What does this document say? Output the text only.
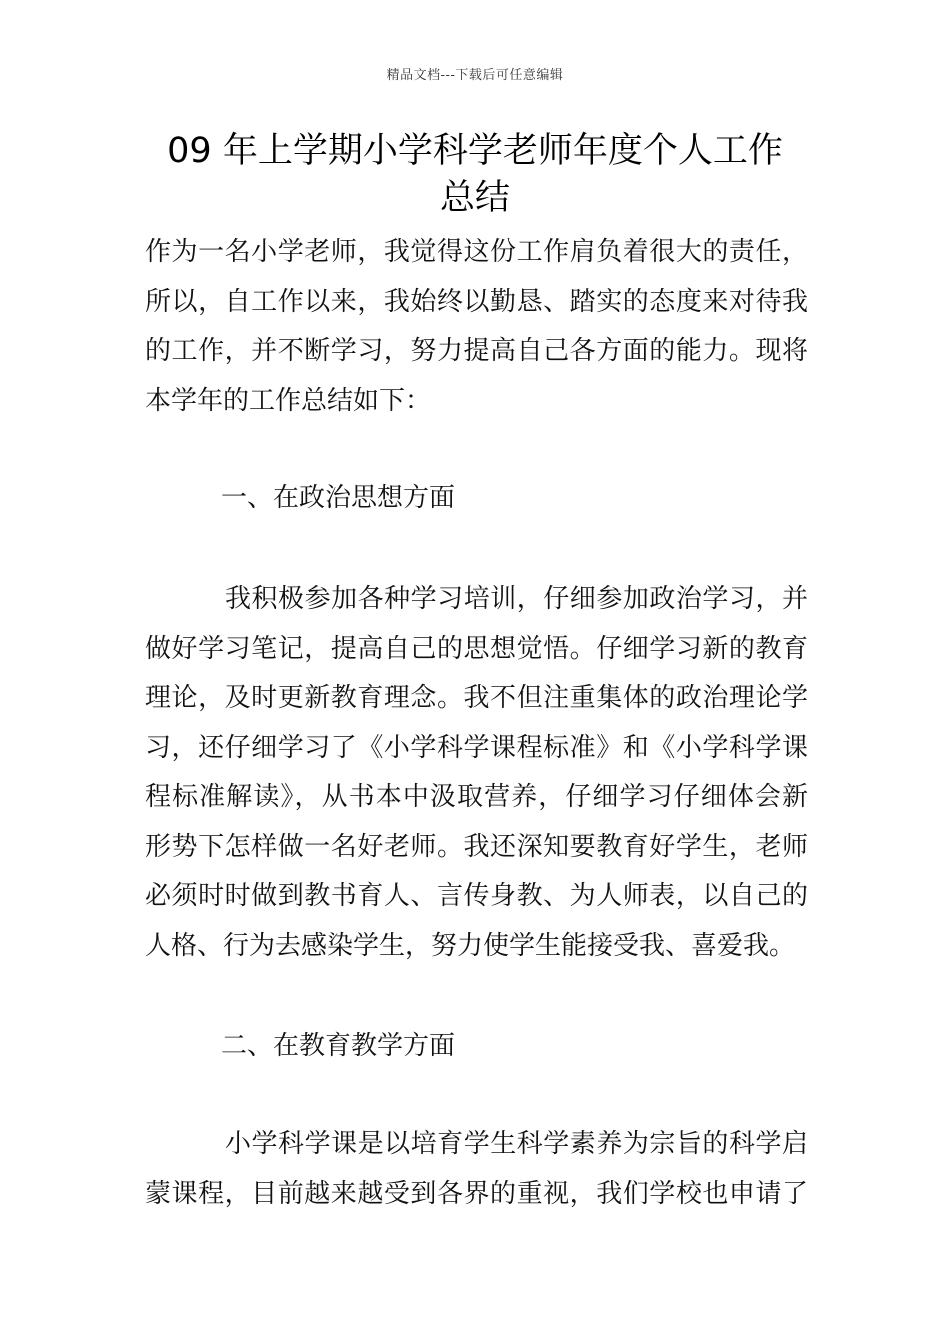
精品文档---下载后可任意编辑
09 年上学期小学科学老师年度个人工作
总结
作为一名小学老师，我觉得这份工作肩负着很大的责任，
所以，自工作以来，我始终以勤恳、踏实的态度来对待我
的工作，并不断学习，努力提高自己各方面的能力。现将
本学年的工作总结如下：
一、在政治思想方面
我积极参加各种学习培训，仔细参加政治学习，并
做好学习笔记，提高自己的思想觉悟。仔细学习新的教育
理论，及时更新教育理念。我不但注重集体的政治理论学
习，还仔细学习了《小学科学课程标准》和《小学科学课
程标准解读》，从书本中汲取营养，仔细学习仔细体会新
形势下怎样做一名好老师。我还深知要教育好学生，老师
必须时时做到教书育人、言传身教、为人师表，以自己的
人格、行为去感染学生，努力使学生能接受我、喜爱我。
二、在教育教学方面
小学科学课是以培育学生科学素养为宗旨的科学启
蒙课程，目前越来越受到各界的重视，我们学校也申请了
